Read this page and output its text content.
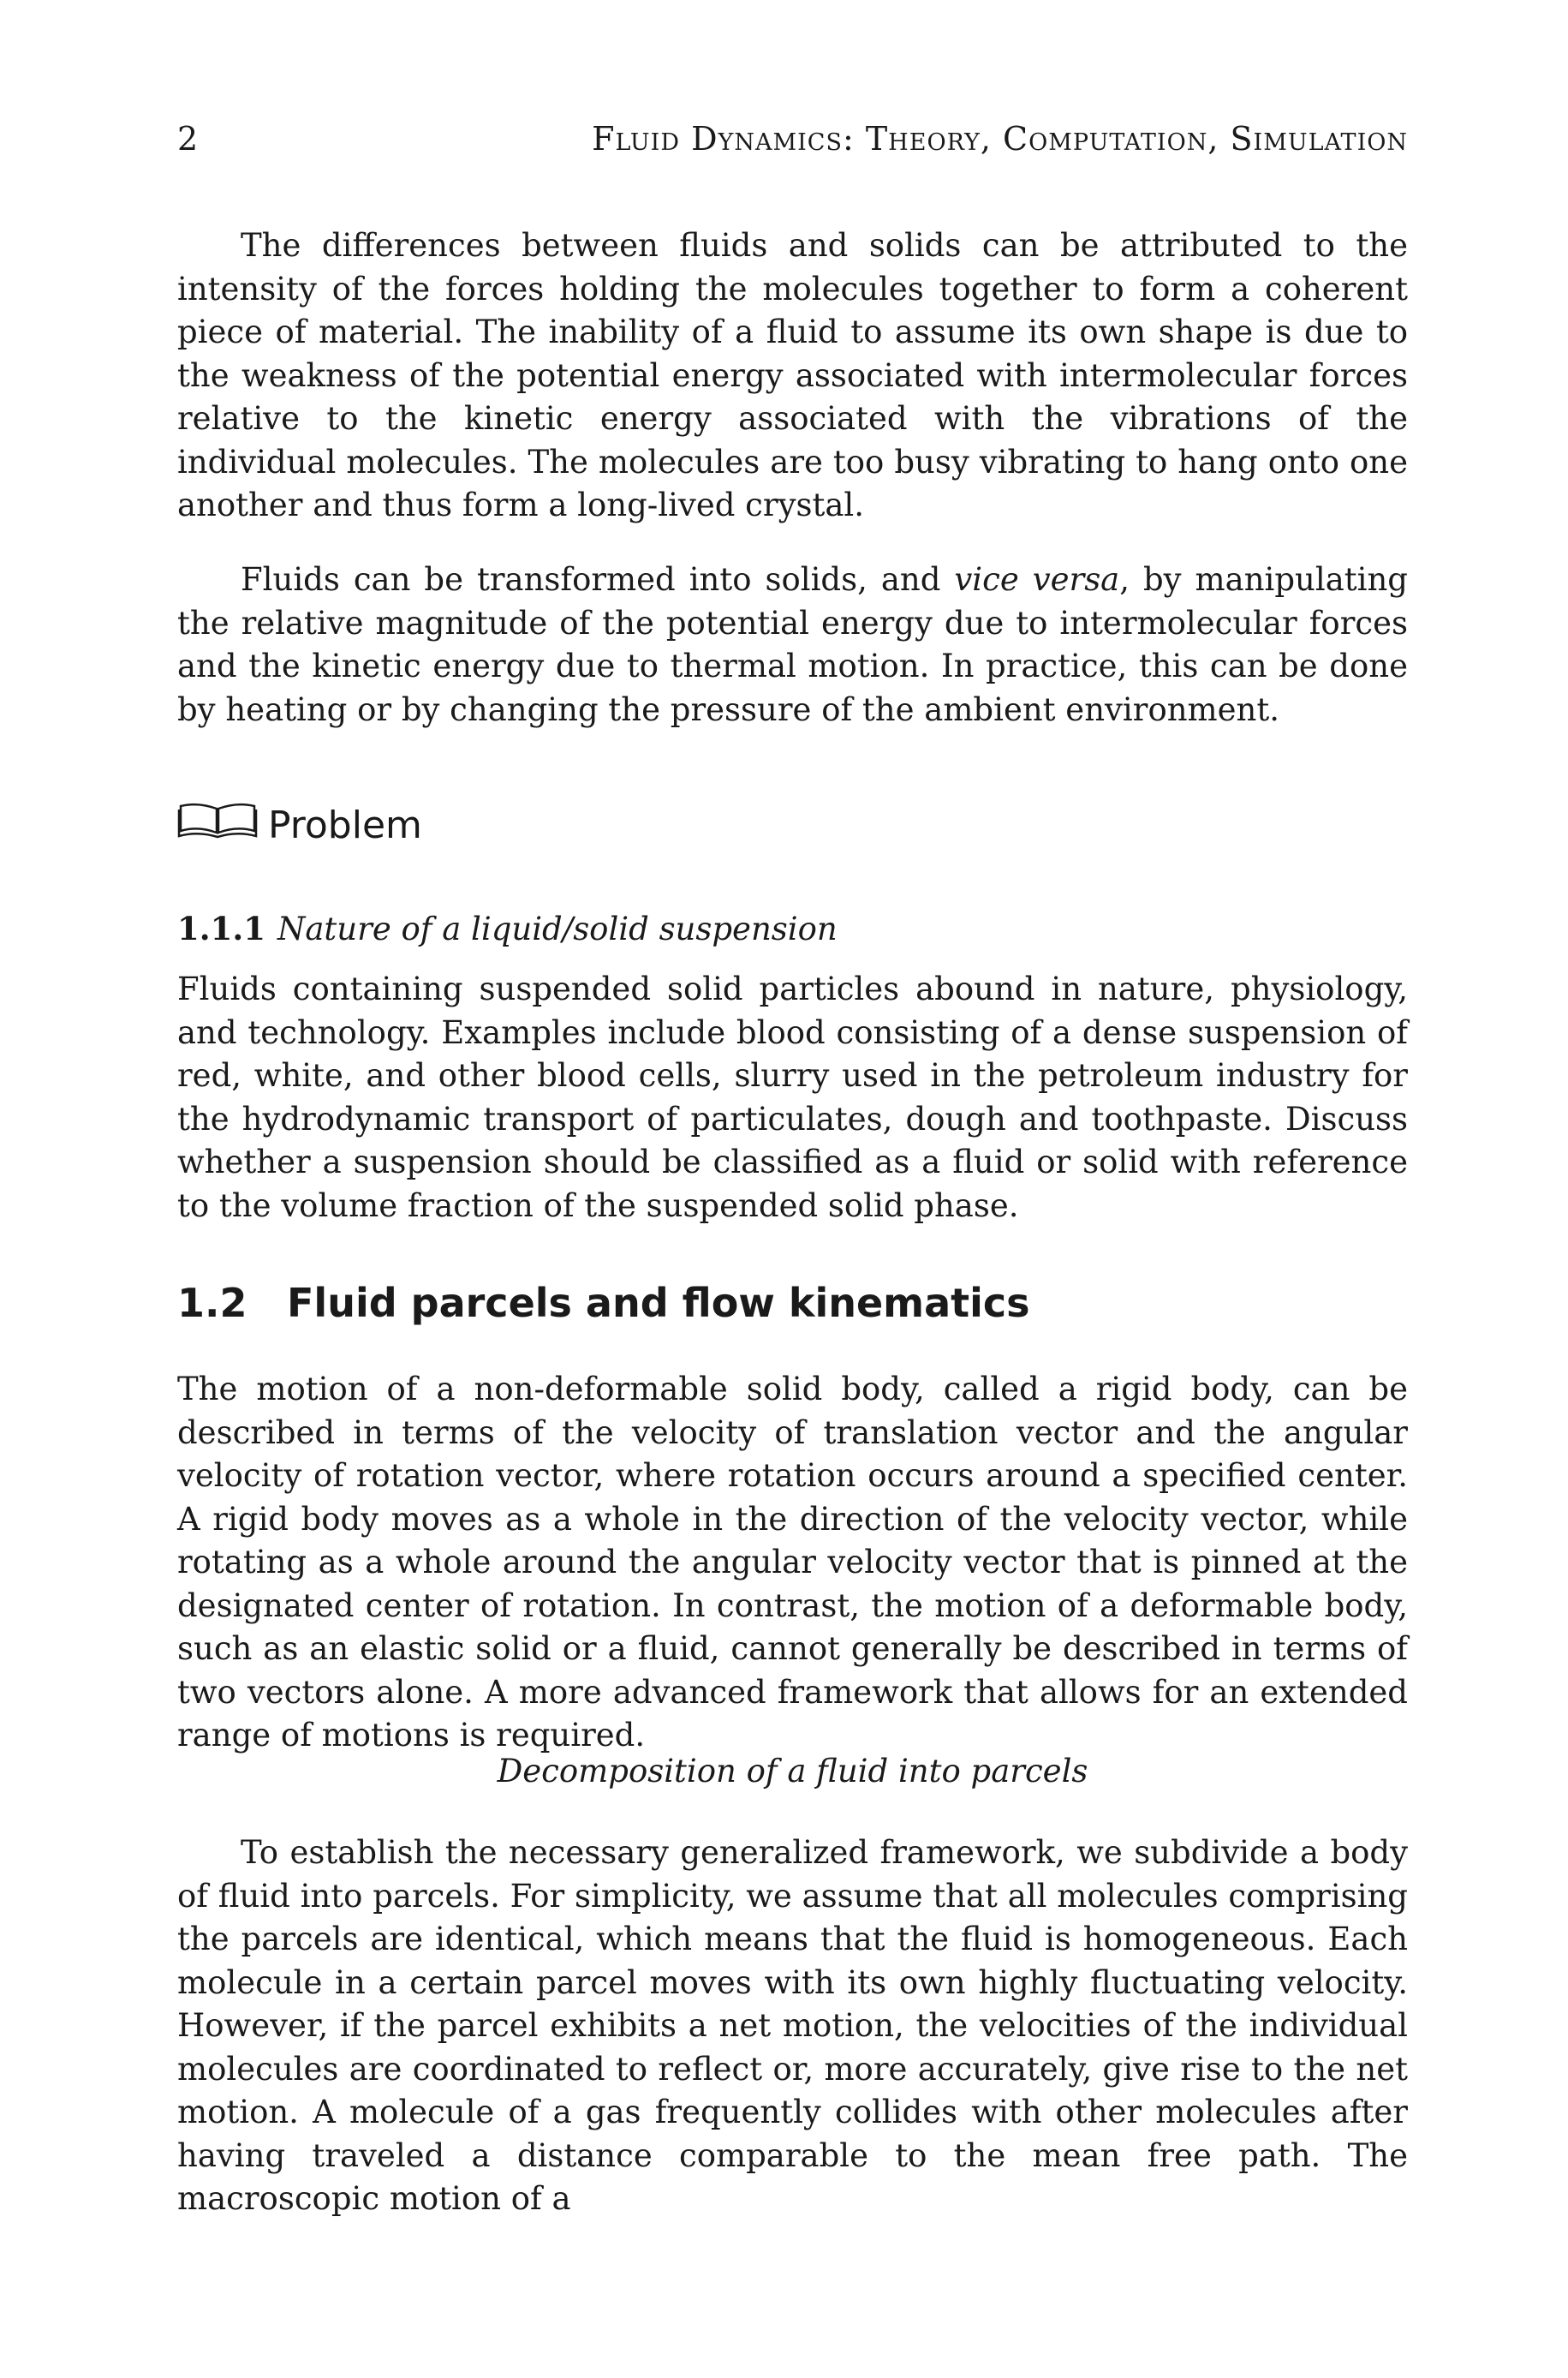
2	Fluid Dynamics: Theory, Computation, Simulation

The differences between fluids and solids can be attributed to the intensity of the forces holding the molecules together to form a coherent piece of material. The inability of a fluid to assume its own shape is due to the weakness of the potential energy associated with intermolecular forces relative to the kinetic energy associated with the vibrations of the individual molecules. The molecules are too busy vibrating to hang onto one another and thus form a long-lived crystal.

Fluids can be transformed into solids, and vice versa, by manipulating the relative magnitude of the potential energy due to intermolecular forces and the kinetic energy due to thermal motion. In practice, this can be done by heating or by changing the pressure of the ambient environment.

Problem
1.1.1 Nature of a liquid/solid suspension

Fluids containing suspended solid particles abound in nature, physiology, and technology. Examples include blood consisting of a dense suspension of red, white, and other blood cells, slurry used in the petroleum industry for the hydrodynamic transport of particulates, dough and toothpaste. Discuss whether a suspension should be classified as a fluid or solid with reference to the volume fraction of the suspended solid phase.

1.2 Fluid parcels and flow kinematics

The motion of a non-deformable solid body, called a rigid body, can be described in terms of the velocity of translation vector and the angular velocity of rotation vector, where rotation occurs around a specified center. A rigid body moves as a whole in the direction of the velocity vector, while rotating as a whole around the angular velocity vector that is pinned at the designated center of rotation. In contrast, the motion of a deformable body, such as an elastic solid or a fluid, cannot generally be described in terms of two vectors alone. A more advanced framework that allows for an extended range of motions is required.

Decomposition of a fluid into parcels

To establish the necessary generalized framework, we subdivide a body of fluid into parcels. For simplicity, we assume that all molecules comprising the parcels are identical, which means that the fluid is homogeneous. Each molecule in a certain parcel moves with its own highly fluctuating velocity. However, if the parcel exhibits a net motion, the velocities of the individual molecules are coordinated to reflect or, more accurately, give rise to the net motion. A molecule of a gas frequently collides with other molecules after having traveled a distance comparable to the mean free path. The macroscopic motion of a
